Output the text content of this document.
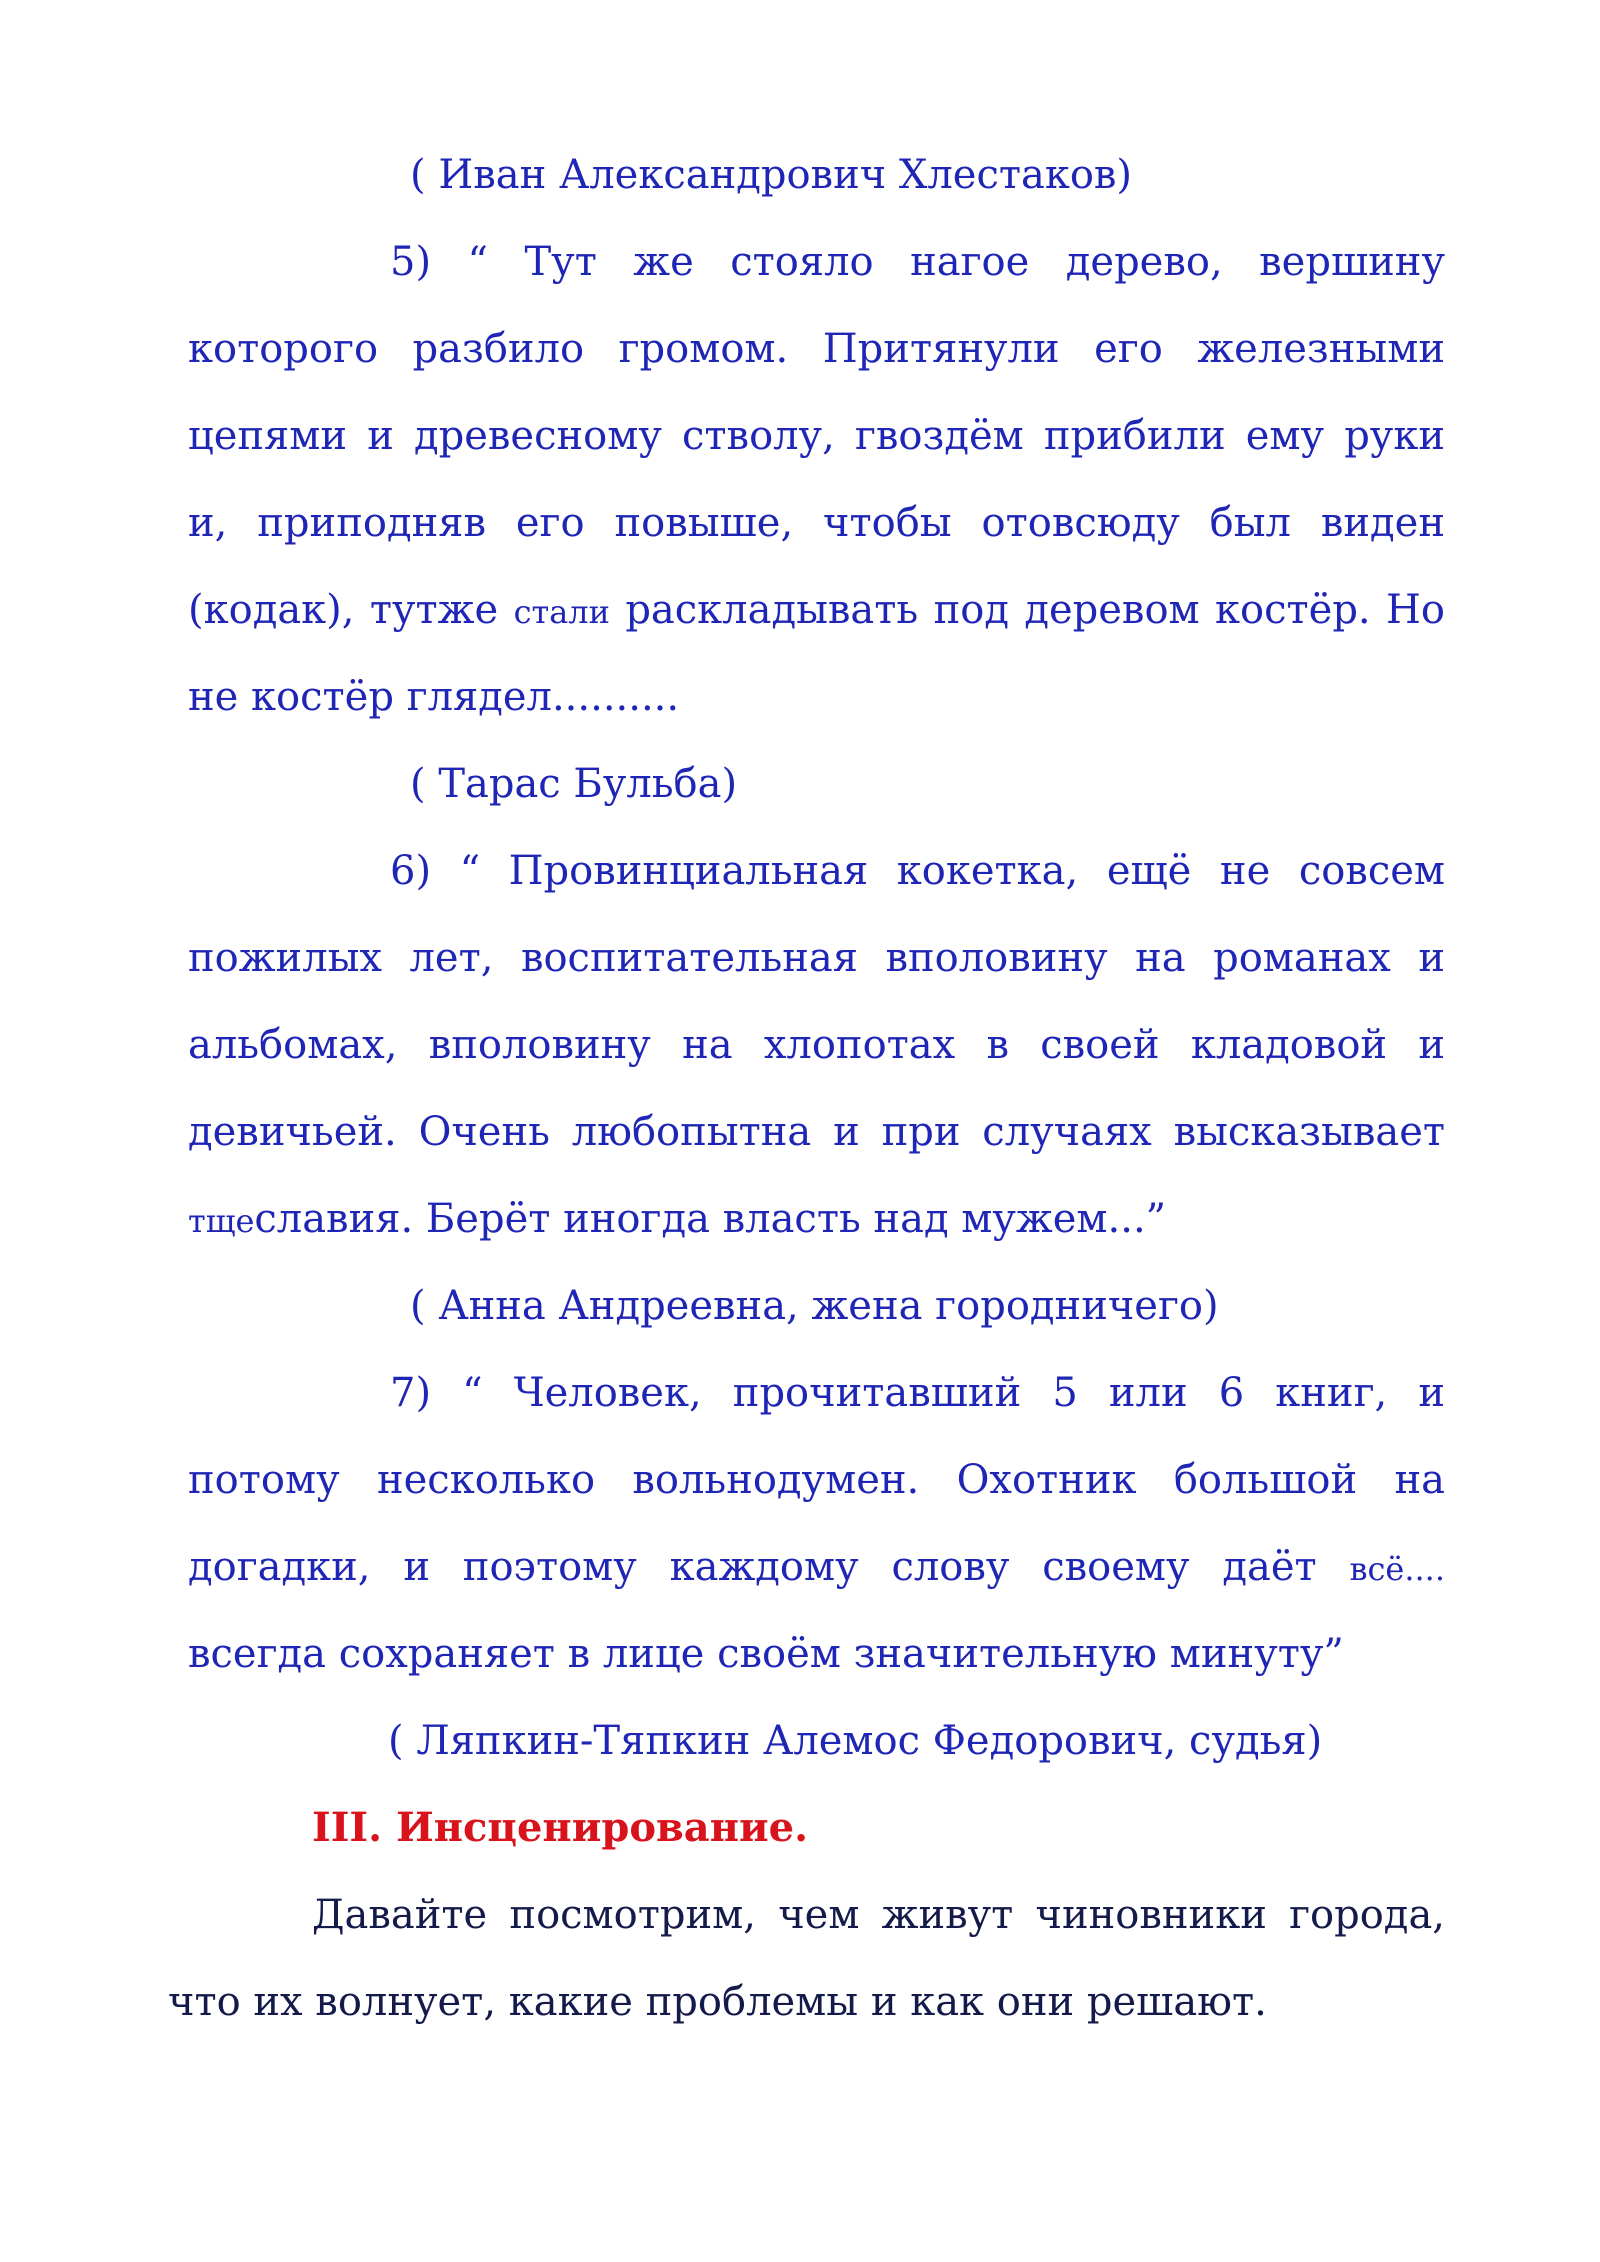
( Иван Александрович Хлестаков)
5) “ Тут же стояло нагое дерево, вершину
которого разбило громом. Притянули его железными
цепями и древесному стволу, гвоздём прибили ему руки
и, приподняв его повыше, чтобы отовсюду был виден
(кодак), тутже стали раскладывать под деревом костёр. Но
не костёр глядел..........
( Тарас Бульба)
6) “ Провинциальная кокетка, ещё не совсем
пожилых лет, воспитательная вполовину на романах и
альбомах, вполовину на хлопотах в своей кладовой и
девичьей. Очень любопытна и при случаях высказывает
тщеславия. Берёт иногда власть над мужем...”
( Анна Андреевна, жена городничего)
7) “ Человек, прочитавший 5 или 6 книг, и
потому несколько вольнодумен. Охотник большой на
догадки, и поэтому каждому слову своему даёт всё....
всегда сохраняет в лице своём значительную минуту”
( Ляпкин-Тяпкин Алемос Федорович, судья)
III. Инсценирование.
Давайте посмотрим, чем живут чиновники города,
что их волнует, какие проблемы и как они решают.
